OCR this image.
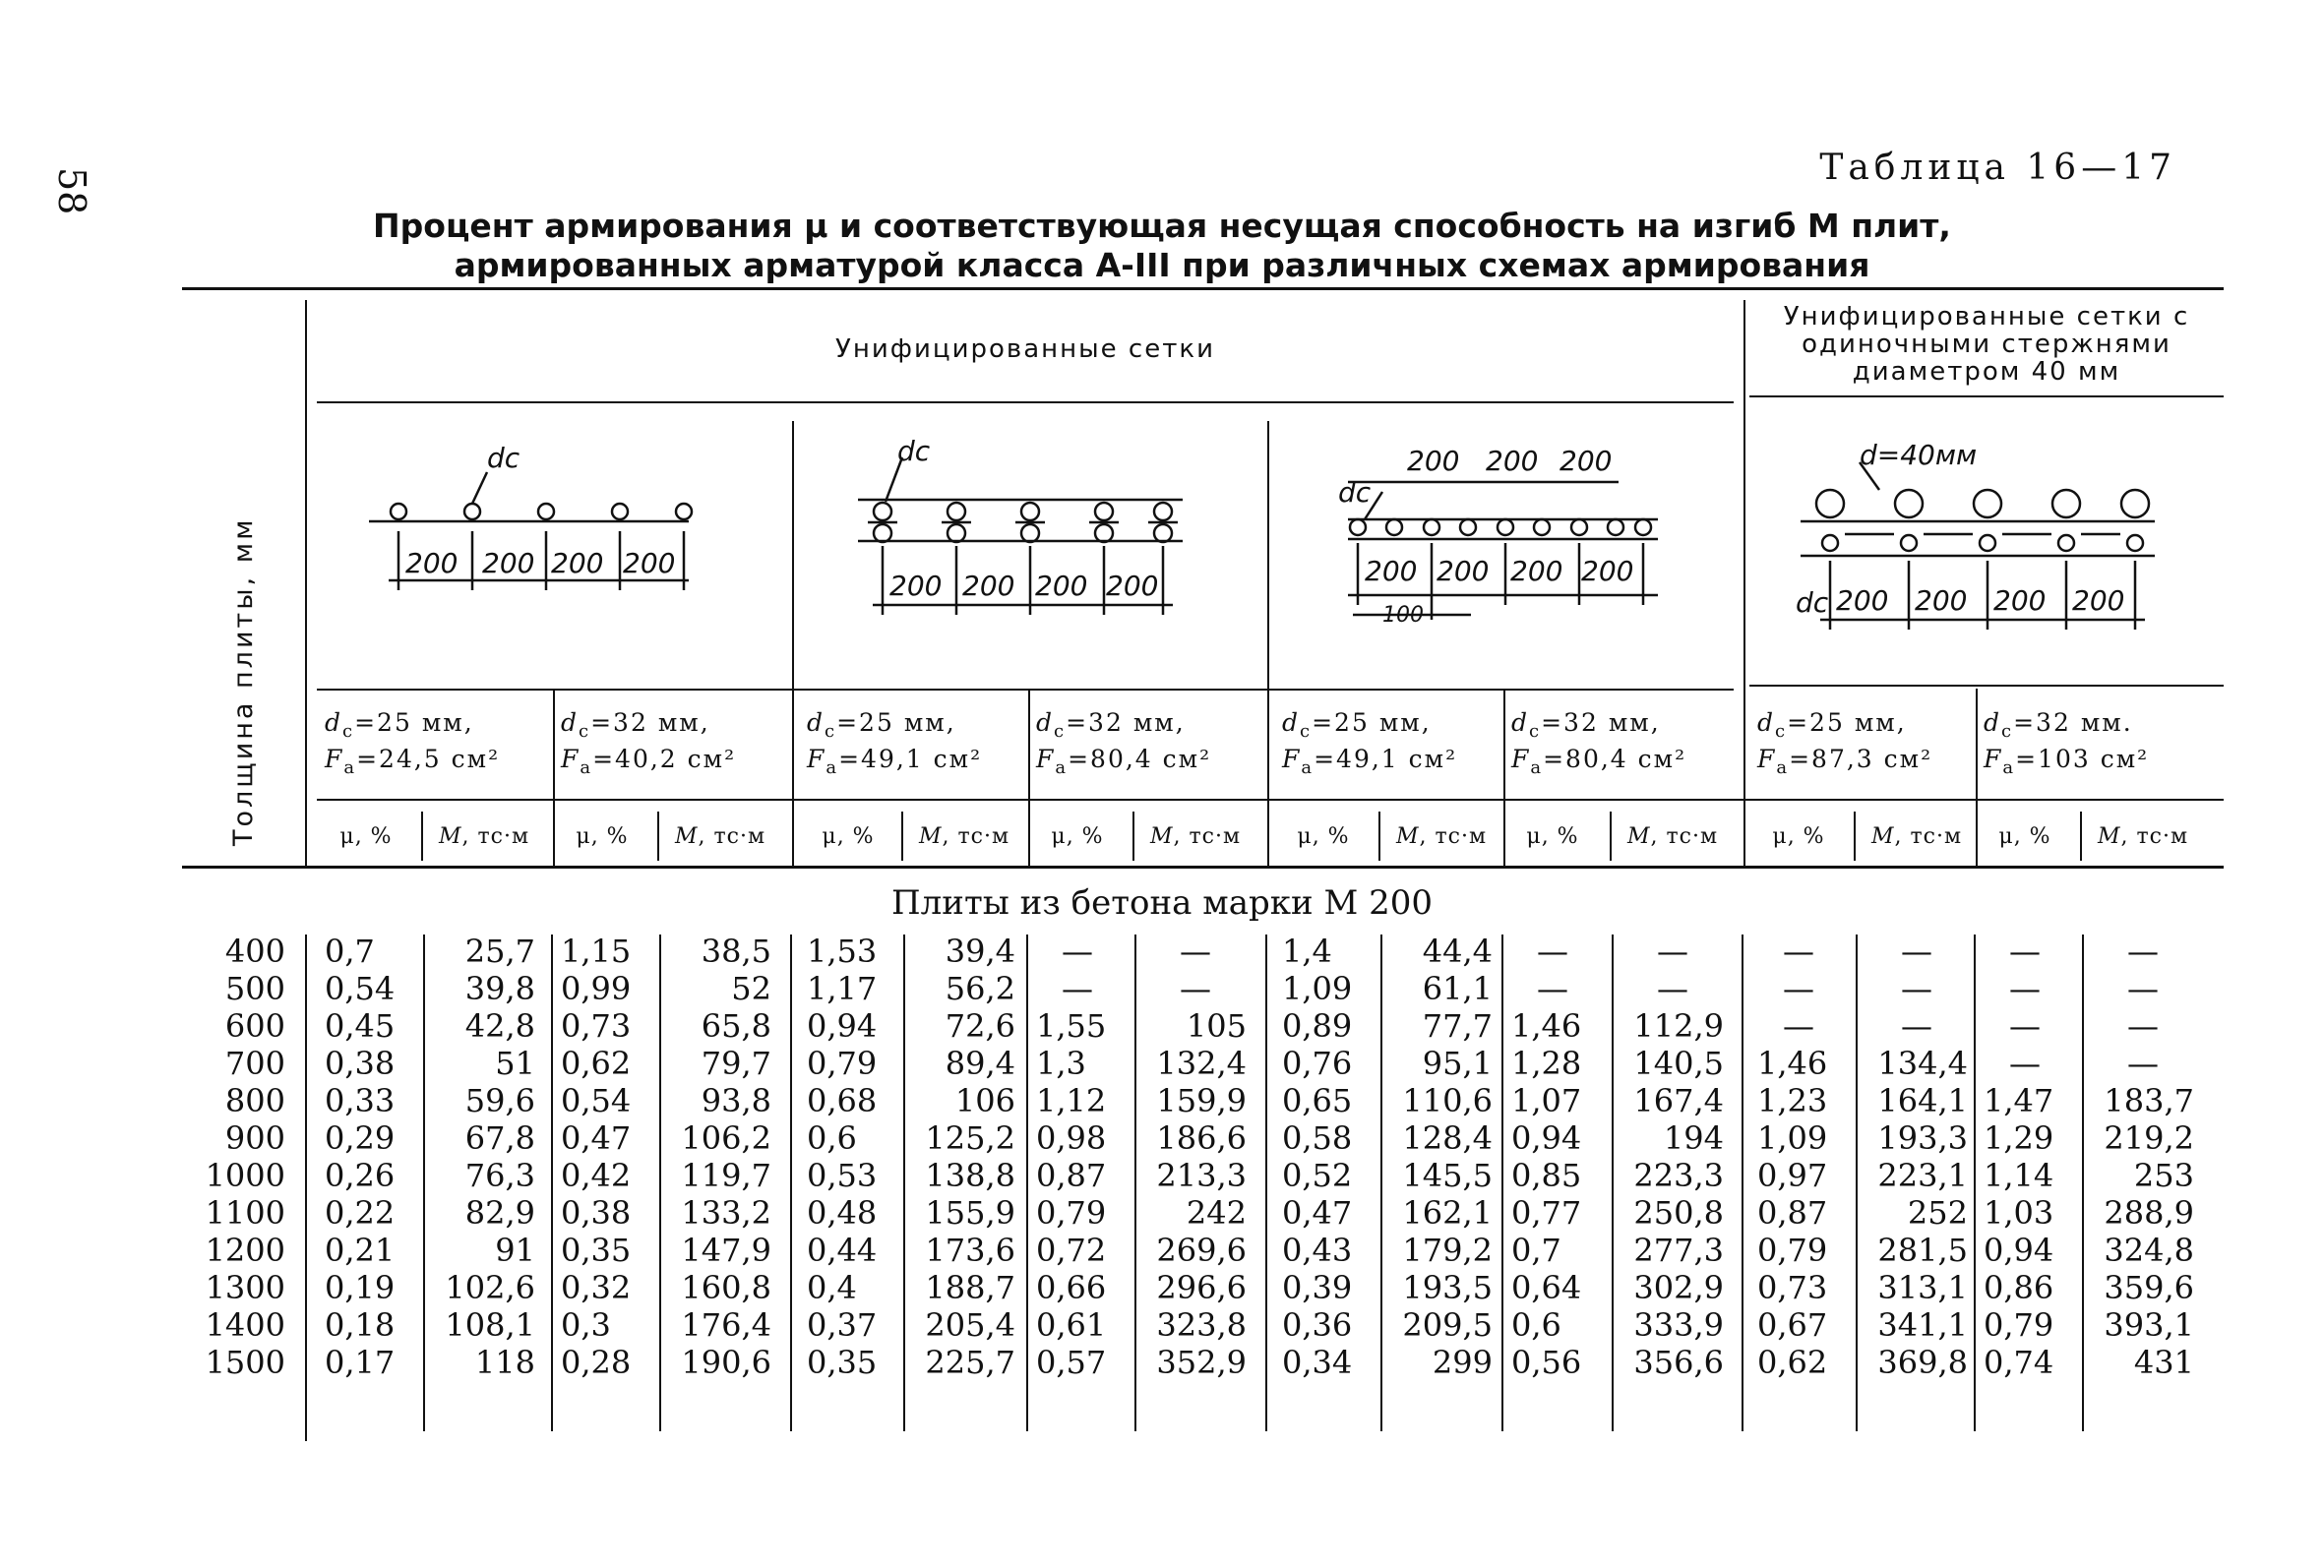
58	Таблица 16—17
Процент армирования μ и соответствующая несущая способность на изгиб M плит,
армированных арматурой класса А-III при различных схемах армирования
Толщина плиты, мм
Унифицированные сетки
Унифицированные сетки с
одиночными стержнями
диаметром 40 мм
dс
200 200 200 200
dс
200 200 200 200
dс
200 200 200
200 200 200 200
100
d=40мм
dс 200 200 200 200
$d_с=25$ мм,
$F_а=24,5$ см²
$d_с=32$ мм,
$F_а=40,2$ см²
$d_с=25$ мм,
$F_а=49,1$ см²
$d_с=32$ мм,
$F_а=80,4$ см²
$d_с=25$ мм,
$F_а=49,1$ см²
$d_с=32$ мм,
$F_а=80,4$ см²
$d_с=25$ мм,
$F_а=87,3$ см²
$d_с=32$ мм.
$F_а=103$ см²
μ, %	M, тс·м	μ, %	M, тс·м	μ, %	M, тс·м	μ, %	M, тс·м	μ, %	M, тс·м	μ, %	M, тс·м	μ, %	M, тс·м	μ, %	M, тс·м
Плиты из бетона марки М 200
400 0,7	25,7 1,15	38,5 1,53	39,4 —	— 1,4	44,4 —	—	—	— —	—
500 0,54	39,8 0,99	52 1,17	56,2 —	— 1,09	61,1 —	—	—	— —	—
600 0,45	42,8 0,73	65,8 0,94	72,6 1,55	105 0,89	77,7 1,46	112,9 —	— —	—
700 0,38	51 0,62	79,7 0,79	89,4 1,3	132,4 0,76	95,1 1,28	140,5 1,46	134,4 —	—
800 0,33	59,6 0,54	93,8 0,68	106 1,12	159,9 0,65	110,6 1,07	167,4 1,23	164,1 1,47	183,7
900 0,29	67,8 0,47	106,2 0,6	125,2 0,98	186,6 0,58	128,4 0,94	194 1,09	193,3 1,29	219,2
1000 0,26	76,3 0,42	119,7 0,53	138,8 0,87	213,3 0,52	145,5 0,85	223,3 0,97	223,1 1,14	253
1100 0,22	82,9 0,38	133,2 0,48	155,9 0,79	242 0,47	162,1 0,77	250,8 0,87	252 1,03	288,9
1200 0,21	91 0,35	147,9 0,44	173,6 0,72	269,6 0,43	179,2 0,7	277,3 0,79	281,5 0,94	324,8
1300 0,19	102,6 0,32	160,8 0,4	188,7 0,66	296,6 0,39	193,5 0,64	302,9 0,73	313,1 0,86	359,6
1400 0,18	108,1 0,3	176,4 0,37	205,4 0,61	323,8 0,36	209,5 0,6	333,9 0,67	341,1 0,79	393,1
1500 0,17	118 0,28	190,6 0,35	225,7 0,57	352,9 0,34	299 0,56	356,6 0,62	369,8 0,74	431
